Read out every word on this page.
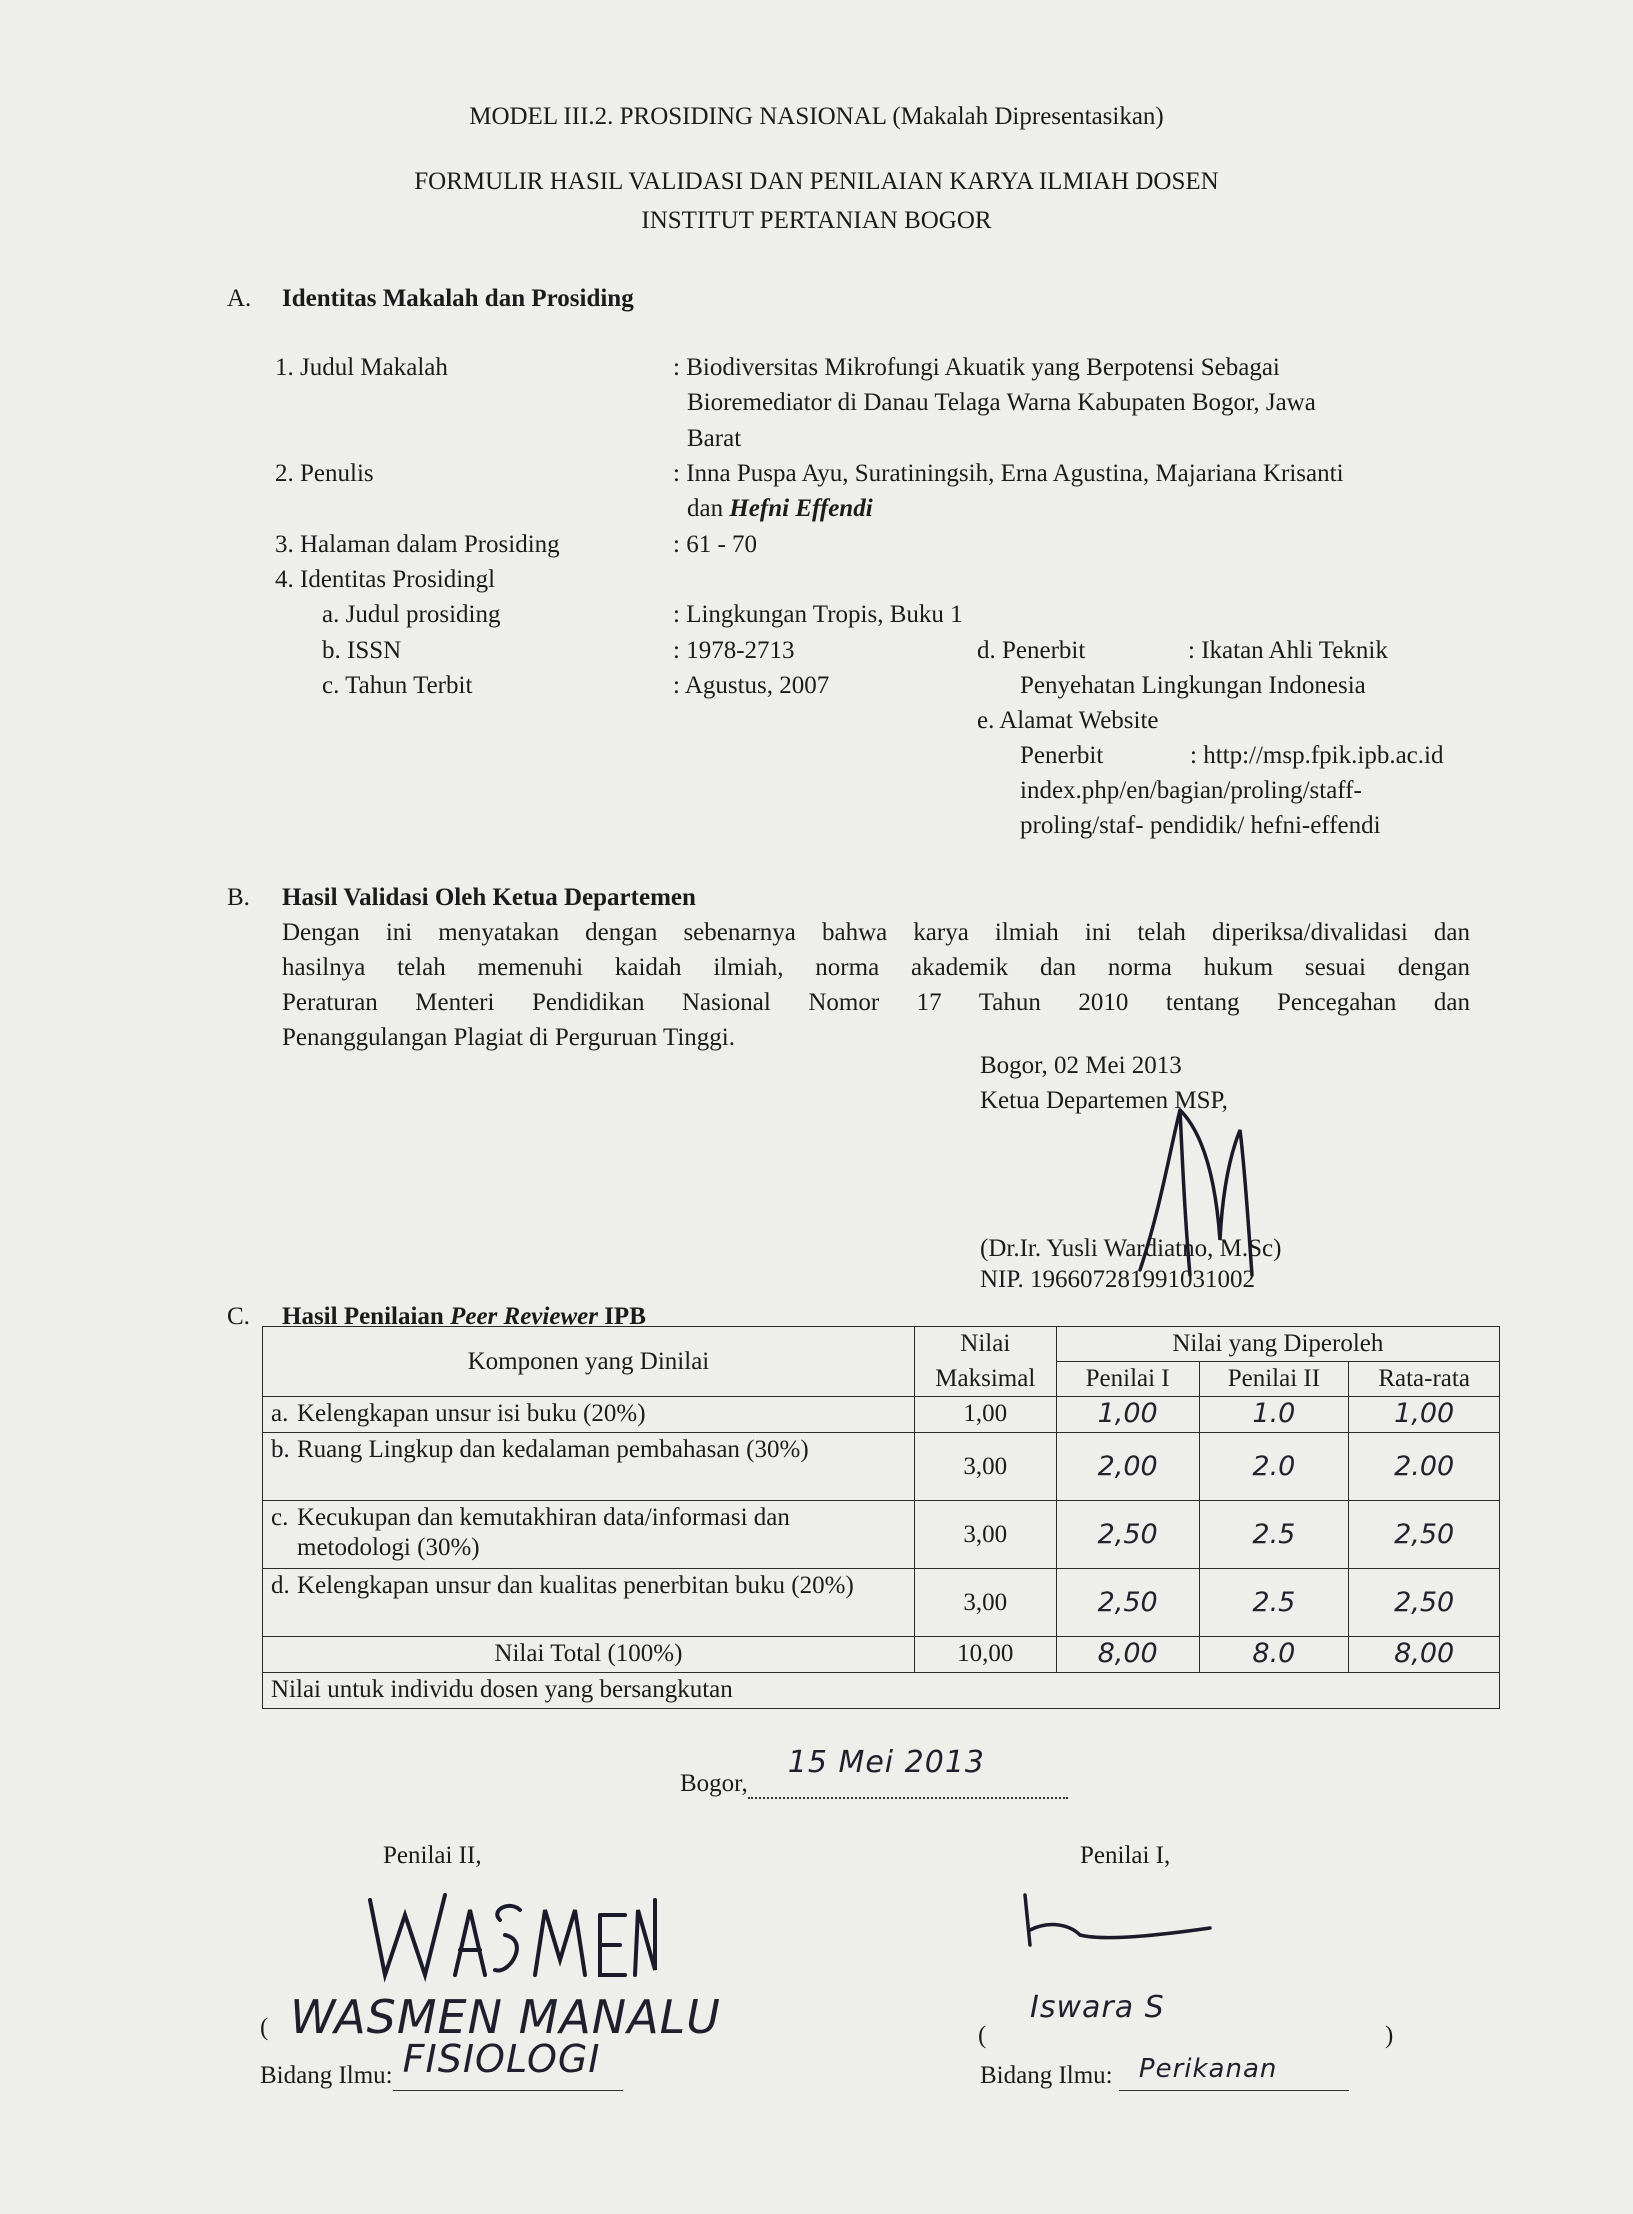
MODEL III.2. PROSIDING NASIONAL (Makalah Dipresentasikan)
FORMULIR HASIL VALIDASI DAN PENILAIAN KARYA ILMIAH DOSEN
INSTITUT PERTANIAN BOGOR
A. Identitas Makalah dan Prosiding
1. Judul Makalah	: Biodiversitas Mikrofungi Akuatik yang Berpotensi Sebagai
Bioremediator di Danau Telaga Warna Kabupaten Bogor, Jawa
Barat
2. Penulis	: Inna Puspa Ayu, Suratiningsih, Erna Agustina, Majariana Krisanti
dan Hefni Effendi
3. Halaman dalam Prosiding	: 61 - 70
4. Identitas Prosidingl
a. Judul prosiding	: Lingkungan Tropis, Buku 1
b. ISSN	: 1978-2713	d. Penerbit	: Ikatan Ahli Teknik
c. Tahun Terbit	: Agustus, 2007	Penyehatan Lingkungan Indonesia
e. Alamat Website
Penerbit	: http://msp.fpik.ipb.ac.id
index.php/en/bagian/proling/staff-
proling/staf- pendidik/ hefni-effendi
B. Hasil Validasi Oleh Ketua Departemen
Dengan ini menyatakan dengan sebenarnya bahwa karya ilmiah ini telah diperiksa/divalidasi dan
hasilnya telah memenuhi kaidah ilmiah, norma akademik dan norma hukum sesuai dengan
Peraturan Menteri Pendidikan Nasional Nomor 17 Tahun 2010 tentang Pencegahan dan
Penanggulangan Plagiat di Perguruan Tinggi.
Bogor, 02 Mei 2013
Ketua Departemen MSP,
(Dr.Ir. Yusli Wardiatno, M.Sc)
NIP. 196607281991031002
C. Hasil Penilaian Peer Reviewer IPB
Komponen yang Dinilai	Nilai	Nilai yang Diperoleh		
	Maksimal	Penilai I	Penilai II	Rata-rata
a. Kelengkapan unsur isi buku (20%)	1,00	1,00	1.0	1,00
b. Ruang Lingkup dan kedalaman pembahasan (30%)	3,00	2,00	2.0	2.00
c. Kecukupan dan kemutakhiran data/informasi dan metodologi (30%)	3,00	2,50	2.5	2,50
d. Kelengkapan unsur dan kualitas penerbitan buku (20%)	3,00	2,50	2.5	2,50
Nilai Total (100%)	10,00	8,00	8.0	8,00
Nilai untuk individu dosen yang bersangkutan				
Bogor,
15 Mei 2013
Penilai II,	Penilai I,
( WASMEN MANALU	(
Iswara S
)
Bidang Ilmu: FISIOLOGI	Bidang Ilmu: Perikanan
